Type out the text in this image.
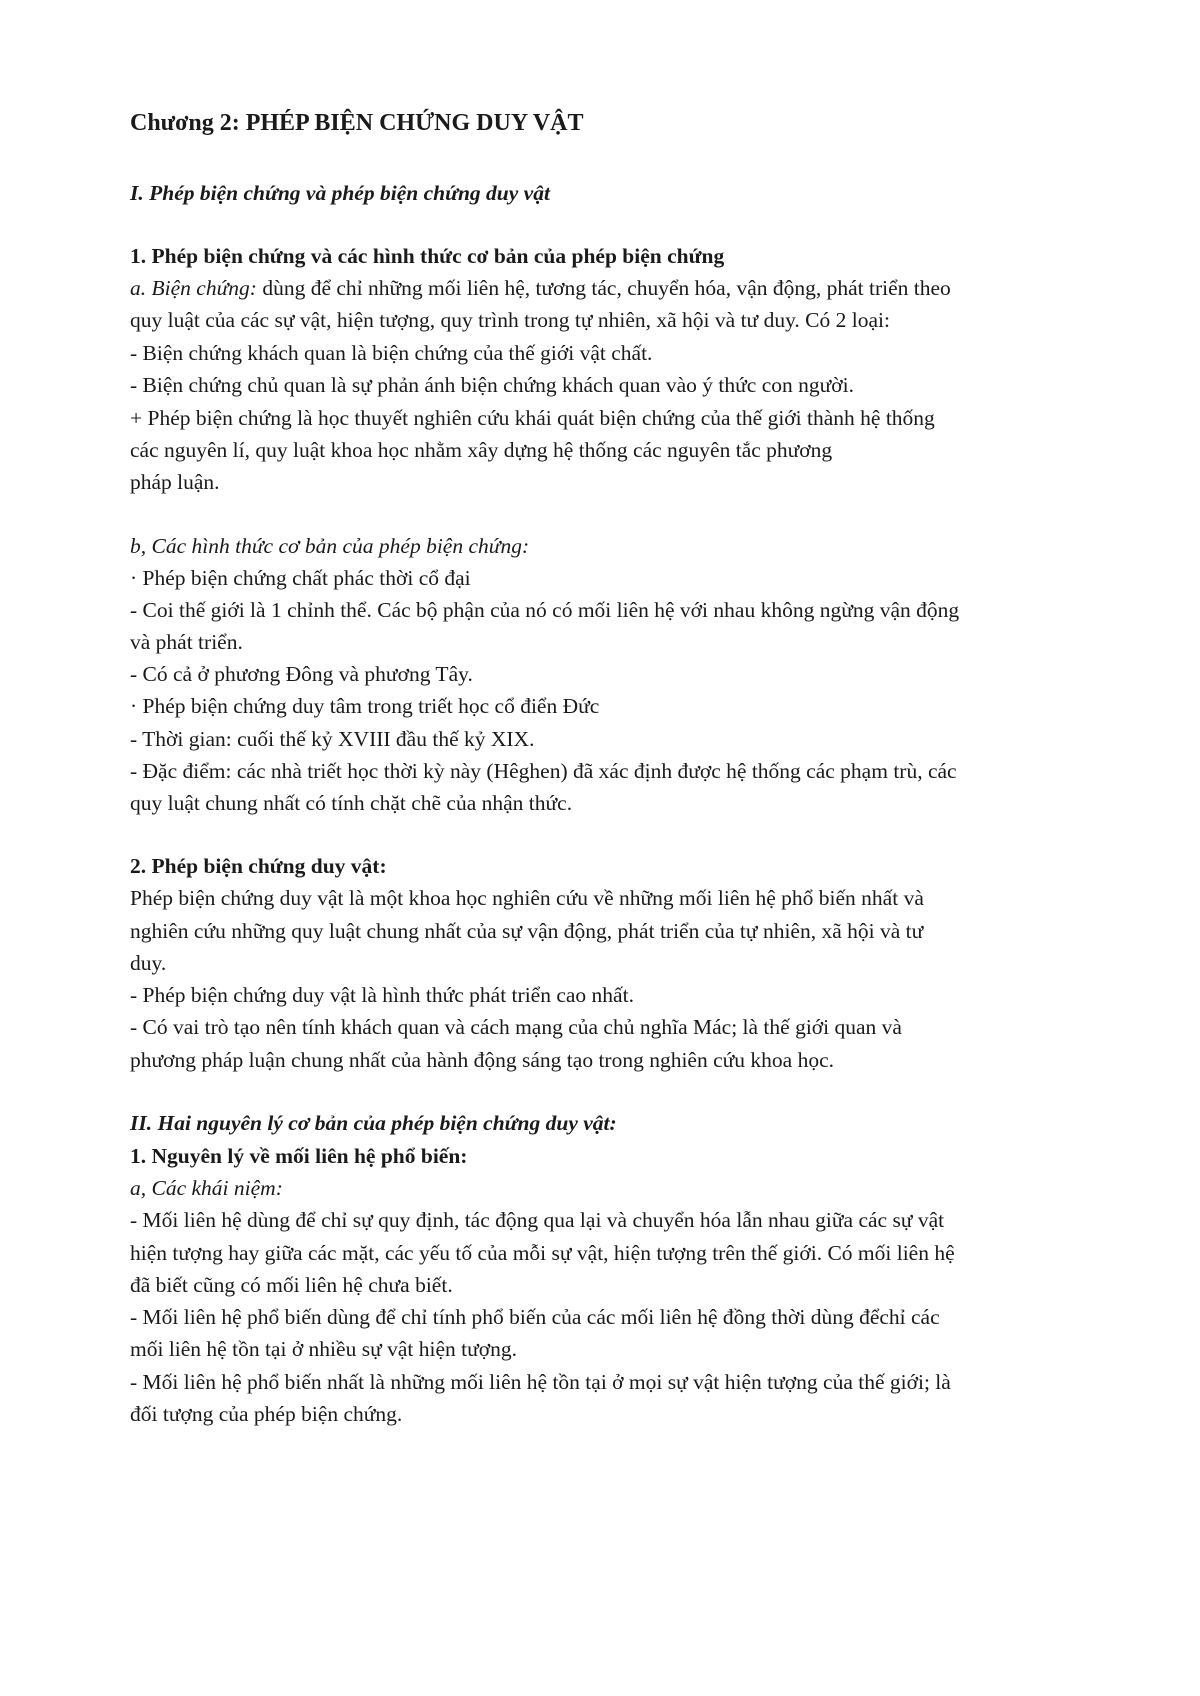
Chương 2: PHÉP BIỆN CHỨNG DUY VẬT
I. Phép biện chứng và phép biện chứng duy vật
1. Phép biện chứng và các hình thức cơ bản của phép biện chứng
a. Biện chứng: dùng để chỉ những mối liên hệ, tương tác, chuyển hóa, vận động, phát triển theo
quy luật của các sự vật, hiện tượng, quy trình trong tự nhiên, xã hội và tư duy. Có 2 loại:
- Biện chứng khách quan là biện chứng của thế giới vật chất.
- Biện chứng chủ quan là sự phản ánh biện chứng khách quan vào ý thức con người.
+ Phép biện chứng là học thuyết nghiên cứu khái quát biện chứng của thế giới thành hệ thống
các nguyên lí, quy luật khoa học nhằm xây dựng hệ thống các nguyên tắc phương
pháp luận.
b, Các hình thức cơ bản của phép biện chứng:
· Phép biện chứng chất phác thời cổ đại
- Coi thế giới là 1 chỉnh thể. Các bộ phận của nó có mối liên hệ với nhau không ngừng vận động
và phát triển.
- Có cả ở phương Đông và phương Tây.
· Phép biện chứng duy tâm trong triết học cổ điển Đức
- Thời gian: cuối thế kỷ XVIII đầu thế kỷ XIX.
- Đặc điểm: các nhà triết học thời kỳ này (Hêghen) đã xác định được hệ thống các phạm trù, các
quy luật chung nhất có tính chặt chẽ của nhận thức.
2. Phép biện chứng duy vật:
Phép biện chứng duy vật là một khoa học nghiên cứu về những mối liên hệ phổ biến nhất và
nghiên cứu những quy luật chung nhất của sự vận động, phát triển của tự nhiên, xã hội và tư
duy.
- Phép biện chứng duy vật là hình thức phát triển cao nhất.
- Có vai trò tạo nên tính khách quan và cách mạng của chủ nghĩa Mác; là thế giới quan và
phương pháp luận chung nhất của hành động sáng tạo trong nghiên cứu khoa học.
II. Hai nguyên lý cơ bản của phép biện chứng duy vật:
1. Nguyên lý về mối liên hệ phổ biến:
a, Các khái niệm:
- Mối liên hệ dùng để chỉ sự quy định, tác động qua lại và chuyển hóa lẫn nhau giữa các sự vật
hiện tượng hay giữa các mặt, các yếu tố của mỗi sự vật, hiện tượng trên thế giới. Có mối liên hệ
đã biết cũng có mối liên hệ chưa biết.
- Mối liên hệ phổ biến dùng để chỉ tính phổ biến của các mối liên hệ đồng thời dùng đểchỉ các
mối liên hệ tồn tại ở nhiều sự vật hiện tượng.
- Mối liên hệ phổ biến nhất là những mối liên hệ tồn tại ở mọi sự vật hiện tượng của thế giới; là
đối tượng của phép biện chứng.
